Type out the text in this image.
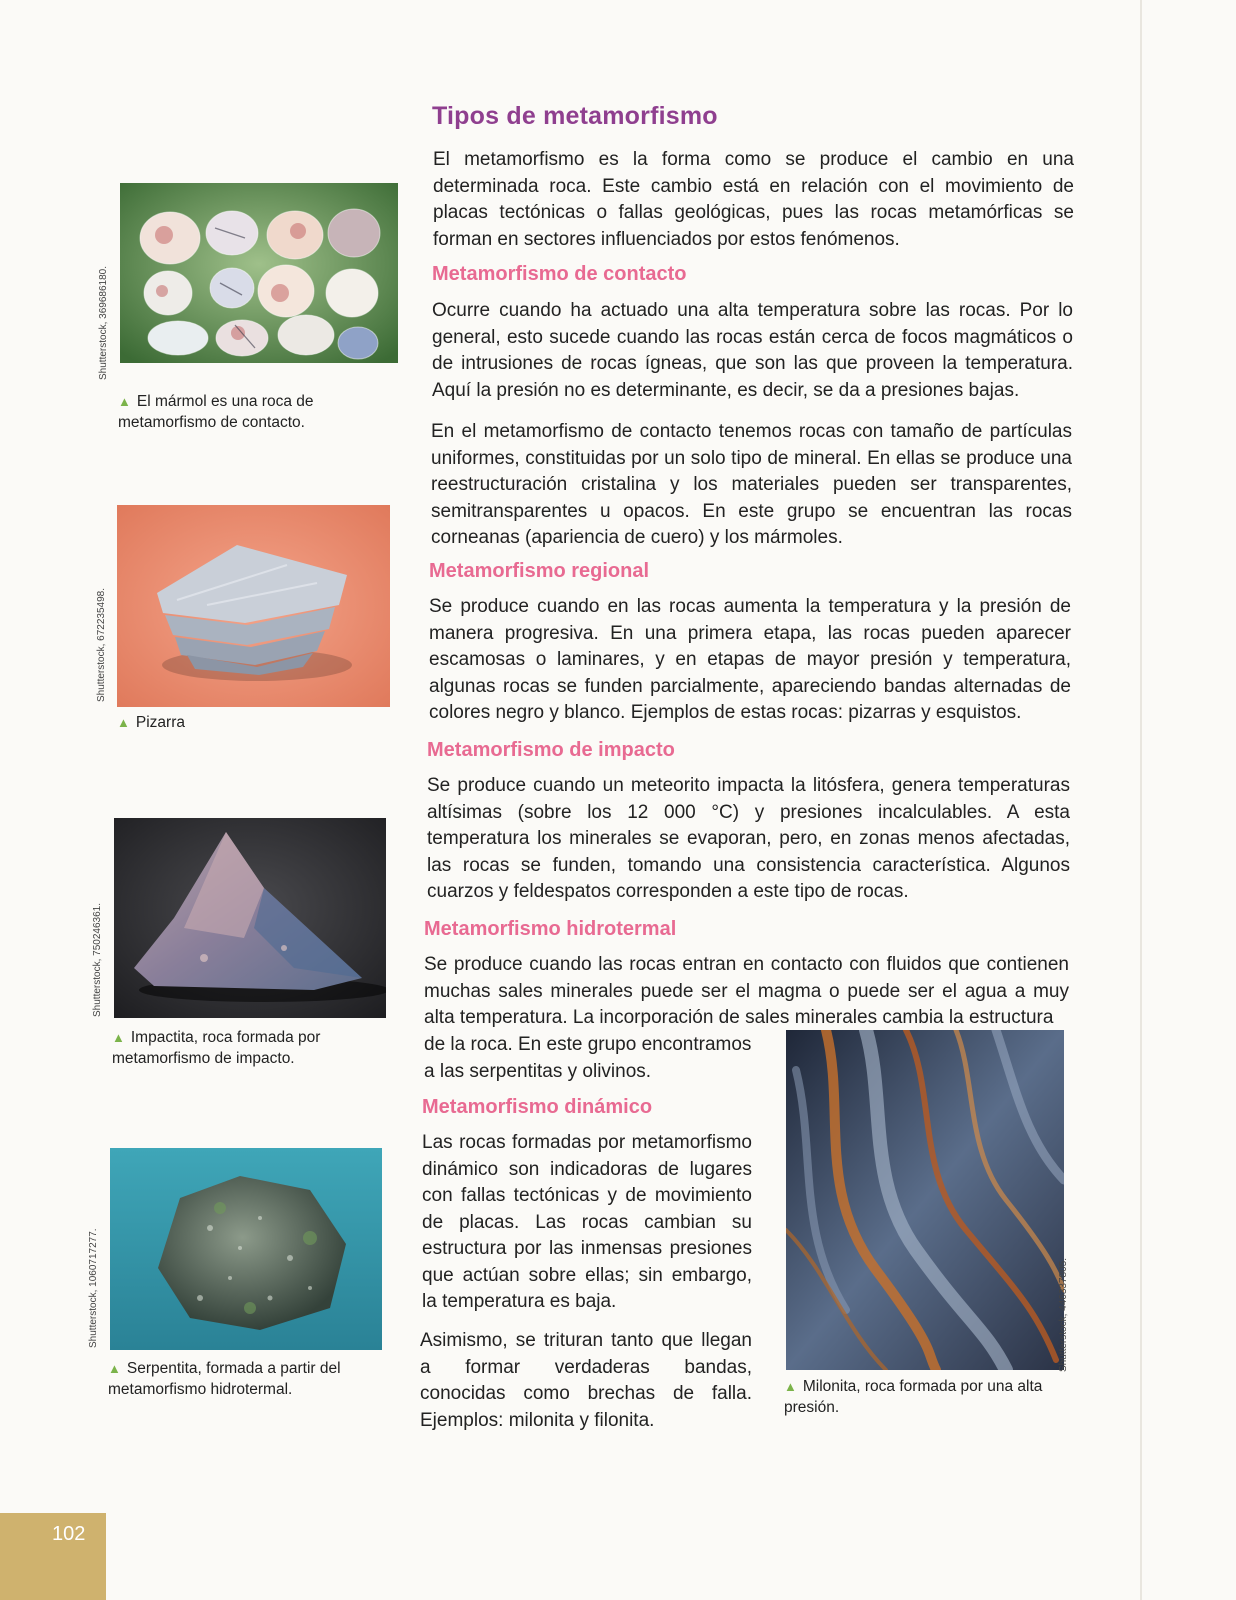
Tipos de metamorfismo

El metamorfismo es la forma como se produce el cambio en una determinada roca. Este cambio está en relación con el movimiento de placas tectónicas o fallas geológicas, pues las rocas metamórficas se forman en sectores influenciados por estos fenómenos.

Metamorfismo de contacto

Ocurre cuando ha actuado una alta temperatura sobre las rocas. Por lo general, esto sucede cuando las rocas están cerca de focos magmáticos o de intrusiones de rocas ígneas, que son las que proveen la temperatura. Aquí la presión no es determinante, es decir, se da a presiones bajas.

En el metamorfismo de contacto tenemos rocas con tamaño de partículas uniformes, constituidas por un solo tipo de mineral. En ellas se produce una reestructuración cristalina y los materiales pueden ser transparentes, semitransparentes u opacos. En este grupo se encuentran las rocas corneanas (apariencia de cuero) y los mármoles.

Metamorfismo regional

Se produce cuando en las rocas aumenta la temperatura y la presión de manera progresiva. En una primera etapa, las rocas pueden aparecer escamosas o laminares, y en etapas de mayor presión y temperatura, algunas rocas se funden parcialmente, apareciendo bandas alternadas de colores negro y blanco. Ejemplos de estas rocas: pizarras y esquistos.

Metamorfismo de impacto

Se produce cuando un meteorito impacta la litósfera, genera temperaturas altísimas (sobre los 12 000 °C) y presiones incalculables. A esta temperatura los minerales se evaporan, pero, en zonas menos afectadas, las rocas se funden, tomando una consistencia característica. Algunos cuarzos y feldespatos corresponden a este tipo de rocas.

Metamorfismo hidrotermal

Se produce cuando las rocas entran en contacto con fluidos que contienen muchas sales minerales puede ser el magma o puede ser el agua a muy alta temperatura. La incorporación de sales minerales cambia la estructura

de la roca. En este grupo encontramos a las serpentitas y olivinos.

Metamorfismo dinámico

Las rocas formadas por metamorfismo dinámico son indicadoras de lugares con fallas tectónicas y de movimiento de placas. Las rocas cambian su estructura por las inmensas presiones que actúan sobre ellas; sin embargo, la temperatura es baja.

Asimismo, se trituran tanto que llegan a formar verdaderas bandas, conocidas como brechas de falla. Ejemplos: milonita y filonita.

Shutterstock, 369686180.
▲ El mármol es una roca de metamorfismo de contacto.
Shutterstock, 672235498.
▲ Pizarra
Shutterstock, 750246361.
▲ Impactita, roca formada por metamorfismo de impacto.
Shutterstock, 1060717277.
▲ Serpentita, formada a partir del metamorfismo hidrotermal.
Shutterstock, 446337805.
▲ Milonita, roca formada por una alta presión.
102
